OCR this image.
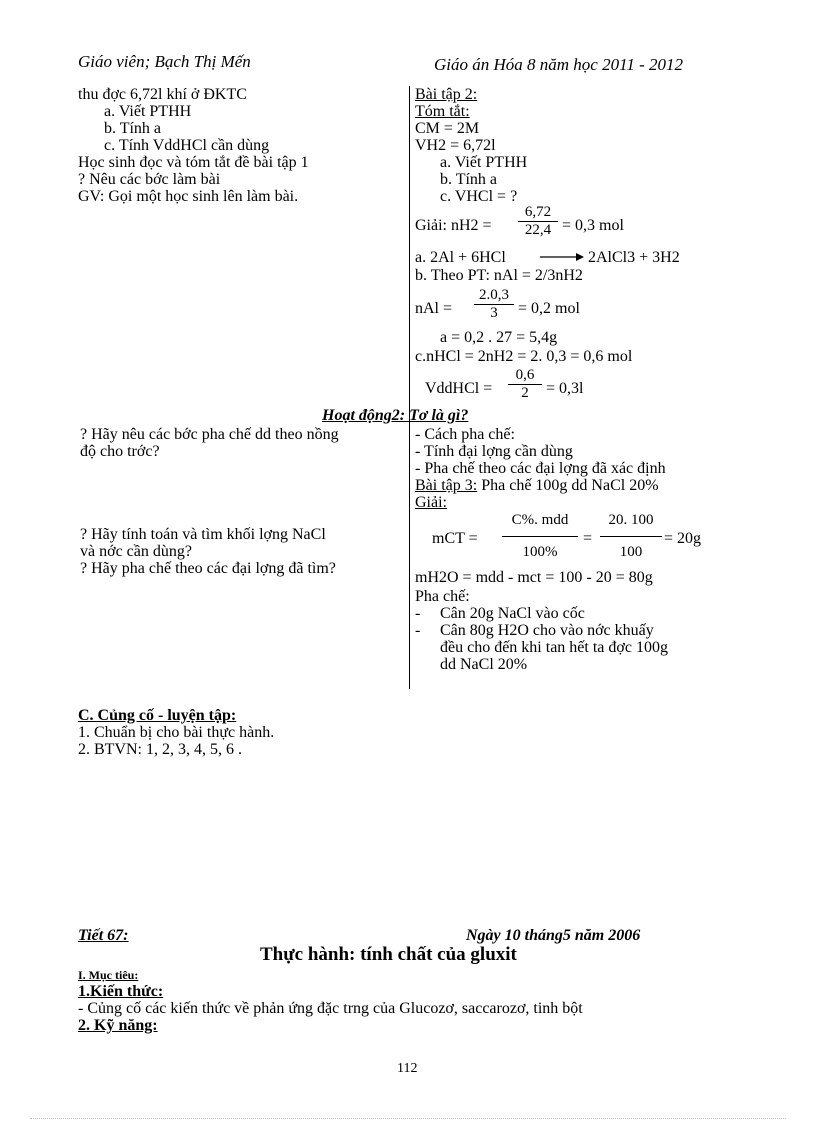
Giáo viên; Bạch Thị Mến	Giáo án Hóa 8 năm học 2011 - 2012
thu đợc 6,72l khí ở ĐKTC
a. Viết PTHH
b. Tính a
c. Tính VddHCl cần dùng
Học sinh đọc và tóm tắt đề bài tập 1
? Nêu các bớc làm bài
GV: Gọi một học sinh lên làm bài.
Bài tập 2:
Tóm tắt:
CM = 2M
VH2 = 6,72l
a. Viết PTHH
b. Tính a
c. VHCl = ?
Giải: $nH2 = \frac{6,72}{22,4} = 0,3$ mol
a. 2Al + 6HCl	2AlCl3 + 3H2
b. Theo PT: nAl = 2/3nH2
nAl = $\frac{2.0,3}{3} = 0,2$ mol
a = 0,2 . 27 = 5,4g
c.nHCl = 2nH2 = 2. 0,3 = 0,6 mol
VddHCl = $\frac{0,6}{2} = 0,3l$
Hoạt động2: Tơ là gì?
? Hãy nêu các bớc pha chế dd theo nồng
độ cho trớc?
? Hãy tính toán và tìm khối lợng NaCl
và nớc cần dùng?
? Hãy pha chế theo các đại lợng đã tìm?
- Cách pha chế:
- Tính đại lợng cần dùng
- Pha chế theo các đại lợng đã xác định
Bài tập 3: Pha chế 100g dd NaCl 20%
Giải:
mCT =
C%. mdd
100%
= $\frac{20. 100}{100} = 20g$
mH2O = mdd - mct = 100 - 20 = 80g
Pha chế:
- Cân 20g NaCl vào cốc
- Cân 80g H2O cho vào nớc khuấy
đều cho đến khi tan hết ta đợc 100g
dd NaCl 20%
C. Củng cố - luyện tập:
1. Chuẩn bị cho bài thực hành.
2. BTVN: 1, 2, 3, 4, 5, 6 .
Tiết 67:	Ngày 10 tháng5 năm 2006
Thực hành: tính chất của gluxit
I. Mục tiêu:
1.Kiến thức:
- Củng cố các kiến thức về phản ứng đặc trng của Glucozơ, saccarozơ, tinh bột
2. Kỹ năng:
112
